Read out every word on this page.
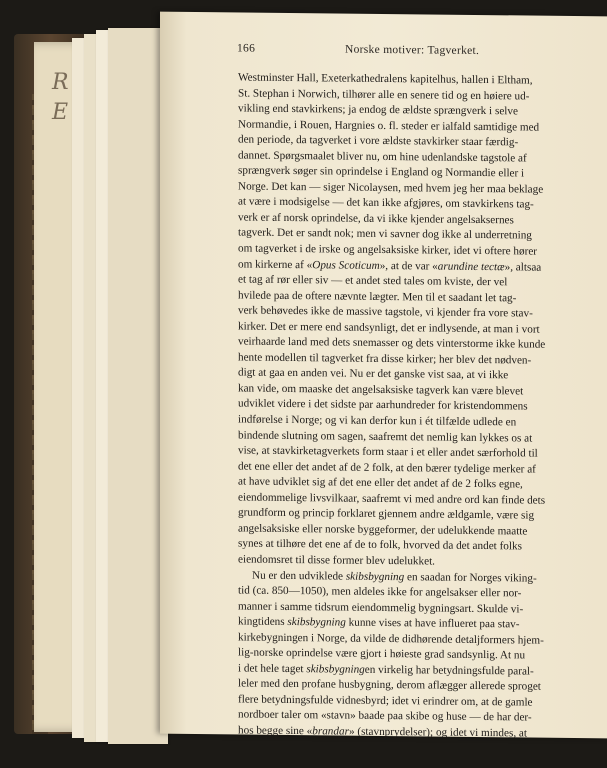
R
E
166	Norske motiver: Tagverket.
Westminster Hall, Exeterkathedralens kapitelhus, hallen i Eltham,
St. Stephan i Norwich, tilhører alle en senere tid og en høiere ud-
vikling end stavkirkens; ja endog de ældste sprængverk i selve
Normandie, i Rouen, Hargnies o. fl. steder er ialfald samtidige med
den periode, da tagverket i vore ældste stavkirker staar færdig-
dannet. Spørgsmaalet bliver nu, om hine udenlandske tagstole af
sprængverk søger sin oprindelse i England og Normandie eller i
Norge. Det kan — siger Nicolaysen, med hvem jeg her maa beklage
at være i modsigelse — det kan ikke afgjøres, om stavkirkens tag-
verk er af norsk oprindelse, da vi ikke kjender angelsaksernes
tagverk. Det er sandt nok; men vi savner dog ikke al underretning
om tagverket i de irske og angelsaksiske kirker, idet vi oftere hører
om kirkerne af «Opus Scoticum», at de var «arundine tectæ», altsaa
et tag af rør eller siv — et andet sted tales om kviste, der vel
hvilede paa de oftere nævnte lægter. Men til et saadant let tag-
verk behøvedes ikke de massive tagstole, vi kjender fra vore stav-
kirker. Det er mere end sandsynligt, det er indlysende, at man i vort
veirhaarde land med dets snemasser og dets vinterstorme ikke kunde
hente modellen til tagverket fra disse kirker; her blev det nødven-
digt at gaa en anden vei. Nu er det ganske vist saa, at vi ikke
kan vide, om maaske det angelsaksiske tagverk kan være blevet
udviklet videre i det sidste par aarhundreder for kristendommens
indførelse i Norge; og vi kan derfor kun i ét tilfælde udlede en
bindende slutning om sagen, saafremt det nemlig kan lykkes os at
vise, at stavkirketagverkets form staar i et eller andet særforhold til
det ene eller det andet af de 2 folk, at den bærer tydelige merker af
at have udviklet sig af det ene eller det andet af de 2 folks egne,
eiendommelige livsvilkaar, saafremt vi med andre ord kan finde dets
grundform og princip forklaret gjennem andre ældgamle, være sig
angelsaksiske eller norske byggeformer, der udelukkende maatte
synes at tilhøre det ene af de to folk, hvorved da det andet folks
eiendomsret til disse former blev udelukket.
Nu er den udviklede skibsbygning en saadan for Norges viking-
tid (ca. 850—1050), men aldeles ikke for angelsakser eller nor-
manner i samme tidsrum eiendommelig bygningsart. Skulde vi-
kingtidens skibsbygning kunne vises at have influeret paa stav-
kirkebygningen i Norge, da vilde de didhørende detaljformers hjem-
lig-norske oprindelse være gjort i høieste grad sandsynlig. At nu
i det hele taget skibsbygningen virkelig har betydningsfulde paral-
leler med den profane husbygning, derom aflægger allerede sproget
flere betydningsfulde vidnesbyrd; idet vi erindrer om, at de gamle
nordboer taler om «stavn» baade paa skibe og huse — de har der-
hos begge sine «brandar» (stavnprydelser); og idet vi mindes, at
